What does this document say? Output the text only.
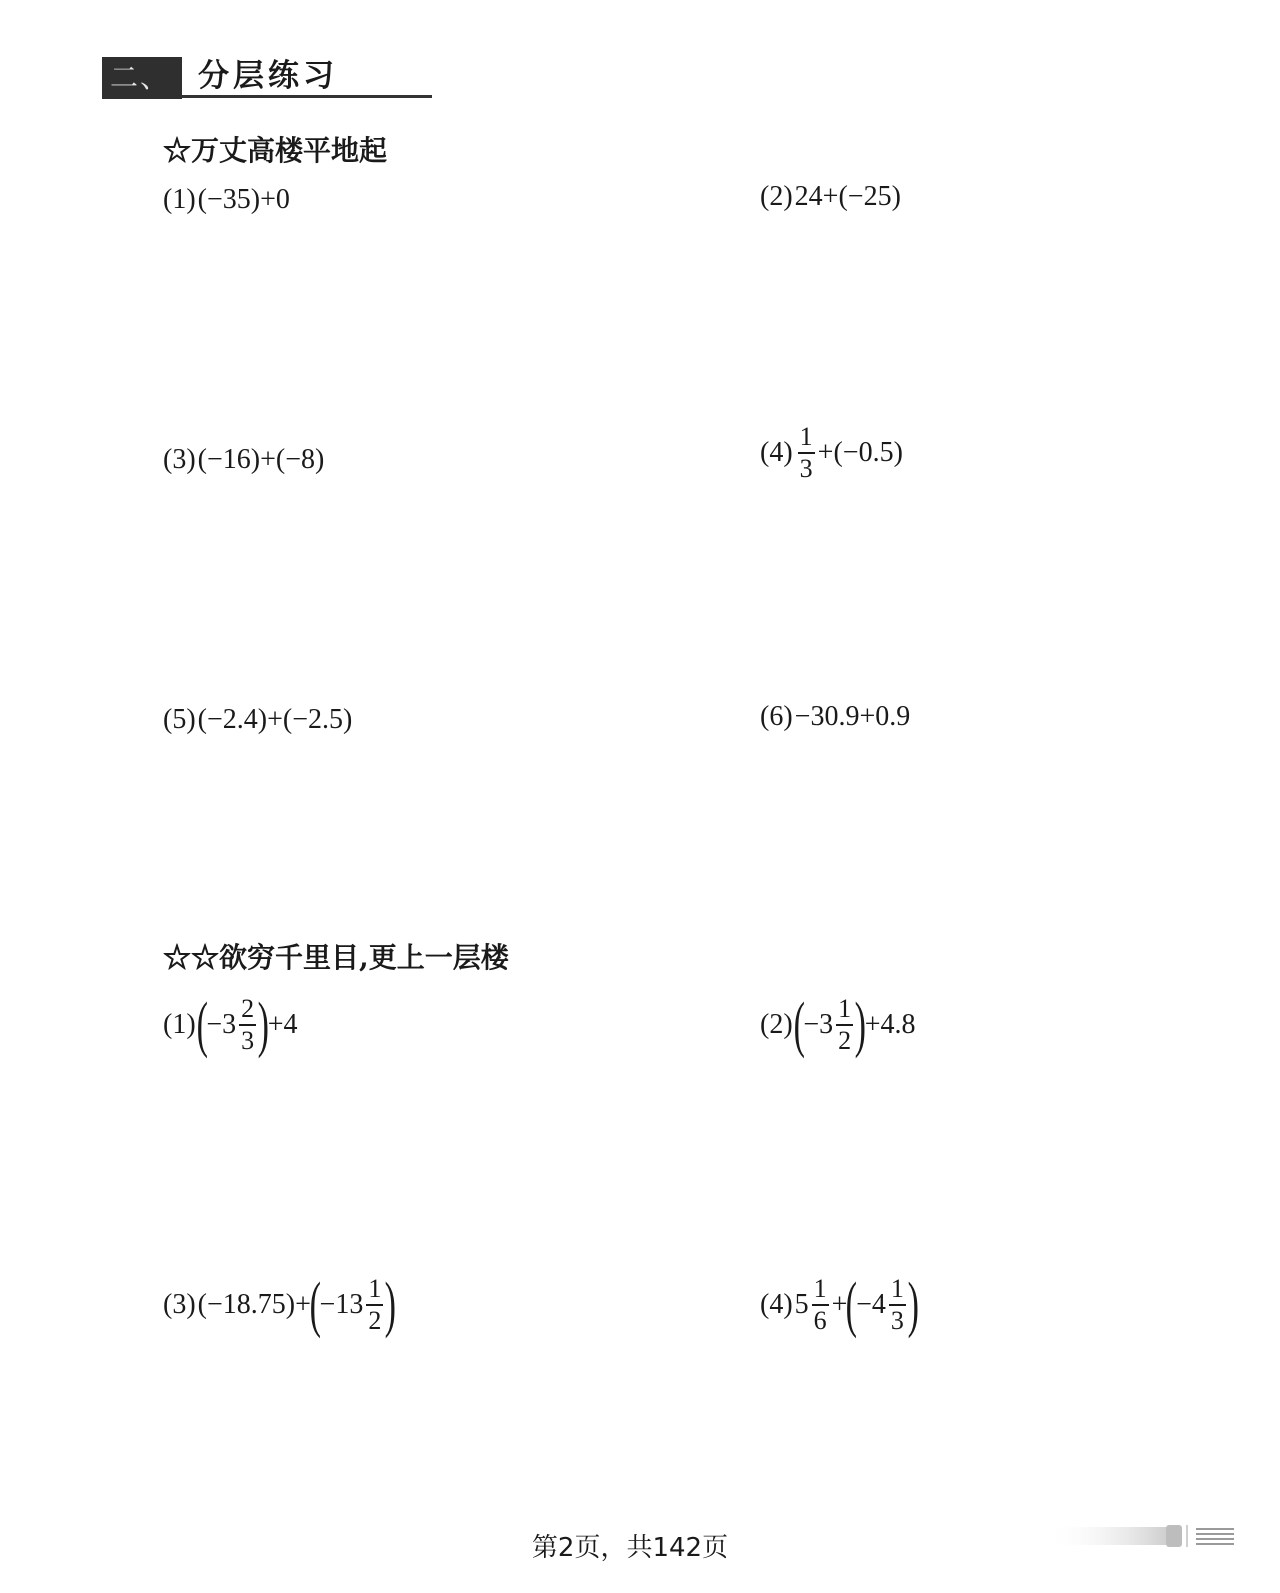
二、 分层练习
☆万丈高楼平地起
(1) (−35)+0	(2) 24+(−25)
(3) (−16)+(−8)	$(4) \frac{1}{3} +(-0.5)$
(5) (−2.4)+(−2.5)	(6) −30.9+0.9
☆☆欲穷千里目,更上一层楼
(1) (
$-3 \frac{2}{3}$ )
+4	(2) (
$-3 \frac{1}{2}$ )
+4.8
(3) (−18.75)+
(
$-13 \frac{1}{2}$ )	(4) $5 \frac{1}{6}$ +
(
$-4 \frac{1}{3}$ )
第2页，共142页
